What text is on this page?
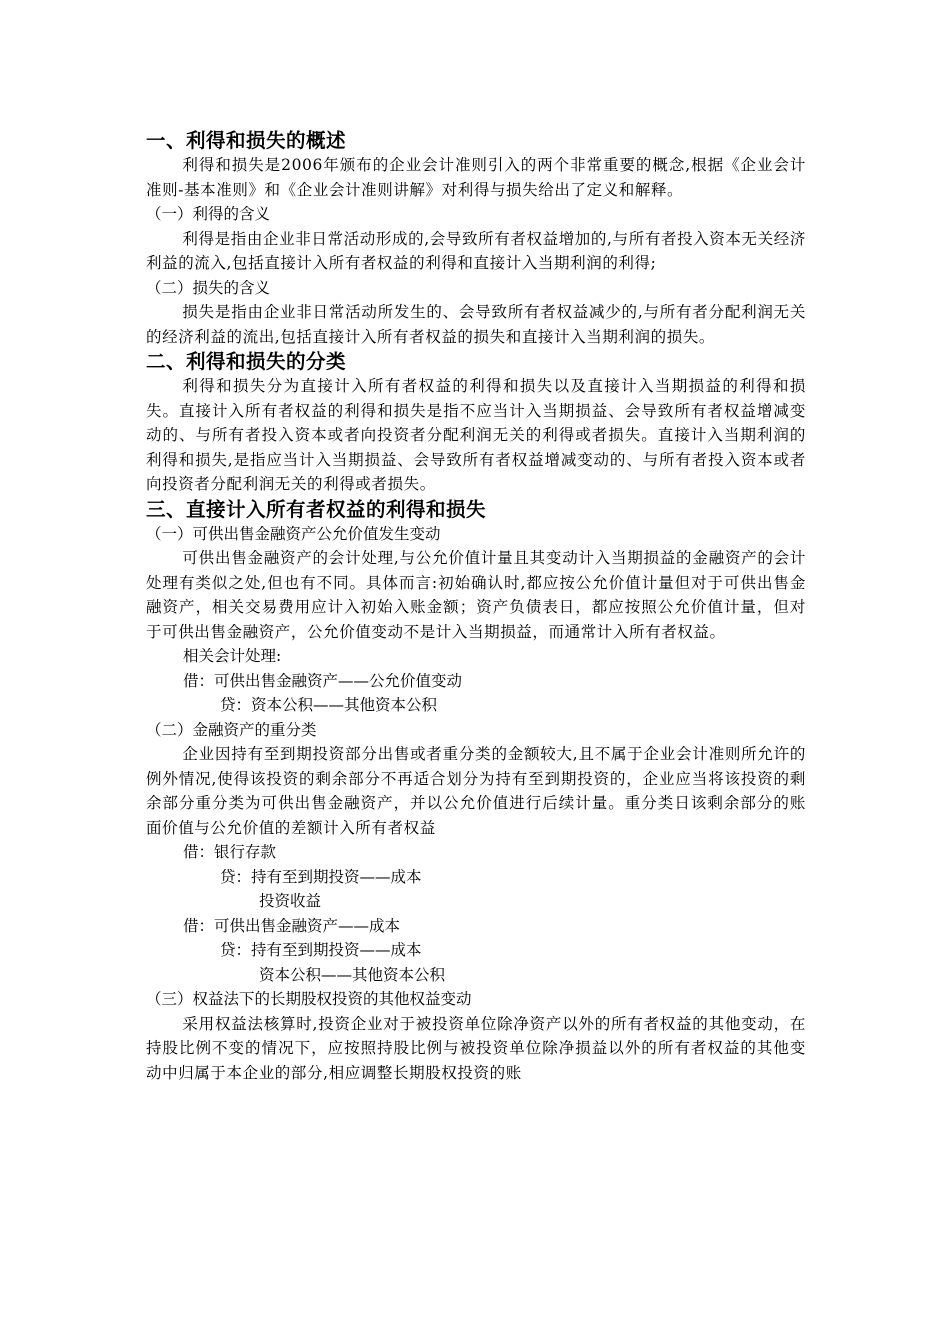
一、利得和损失的概述

利得和损失是2006年颁布的企业会计准则引入的两个非常重要的概念,根据《企业会计准则-基本准则》和《企业会计准则讲解》对利得与损失给出了定义和解释。

（一）利得的含义

利得是指由企业非日常活动形成的,会导致所有者权益增加的,与所有者投入资本无关经济利益的流入,包括直接计入所有者权益的利得和直接计入当期利润的利得;

（二）损失的含义

损失是指由企业非日常活动所发生的、会导致所有者权益减少的,与所有者分配利润无关的经济利益的流出,包括直接计入所有者权益的损失和直接计入当期利润的损失。

二、利得和损失的分类

利得和损失分为直接计入所有者权益的利得和损失以及直接计入当期损益的利得和损失。直接计入所有者权益的利得和损失是指不应当计入当期损益、会导致所有者权益增减变动的、与所有者投入资本或者向投资者分配利润无关的利得或者损失。直接计入当期利润的利得和损失,是指应当计入当期损益、会导致所有者权益增减变动的、与所有者投入资本或者向投资者分配利润无关的利得或者损失。

三、直接计入所有者权益的利得和损失
（一）可供出售金融资产公允价值发生变动

可供出售金融资产的会计处理,与公允价值计量且其变动计入当期损益的金融资产的会计处理有类似之处,但也有不同。具体而言:初始确认时,都应按公允价值计量但对于可供出售金融资产，相关交易费用应计入初始入账金额；资产负债表日，都应按照公允价值计量，但对于可供出售金融资产，公允价值变动不是计入当期损益，而通常计入所有者权益。

相关会计处理:
借：可供出售金融资产——公允价值变动
贷：资本公积——其他资本公积
（二）金融资产的重分类

企业因持有至到期投资部分出售或者重分类的金额较大,且不属于企业会计准则所允许的例外情况,使得该投资的剩余部分不再适合划分为持有至到期投资的，企业应当将该投资的剩余部分重分类为可供出售金融资产，并以公允价值进行后续计量。重分类日该剩余部分的账面价值与公允价值的差额计入所有者权益

借：银行存款
贷：持有至到期投资——成本
投资收益
借：可供出售金融资产——成本
贷：持有至到期投资——成本
资本公积——其他资本公积
（三）权益法下的长期股权投资的其他权益变动

采用权益法核算时,投资企业对于被投资单位除净资产以外的所有者权益的其他变动，在持股比例不变的情况下，应按照持股比例与被投资单位除净损益以外的所有者权益的其他变动中归属于本企业的部分,相应调整长期股权投资的账
